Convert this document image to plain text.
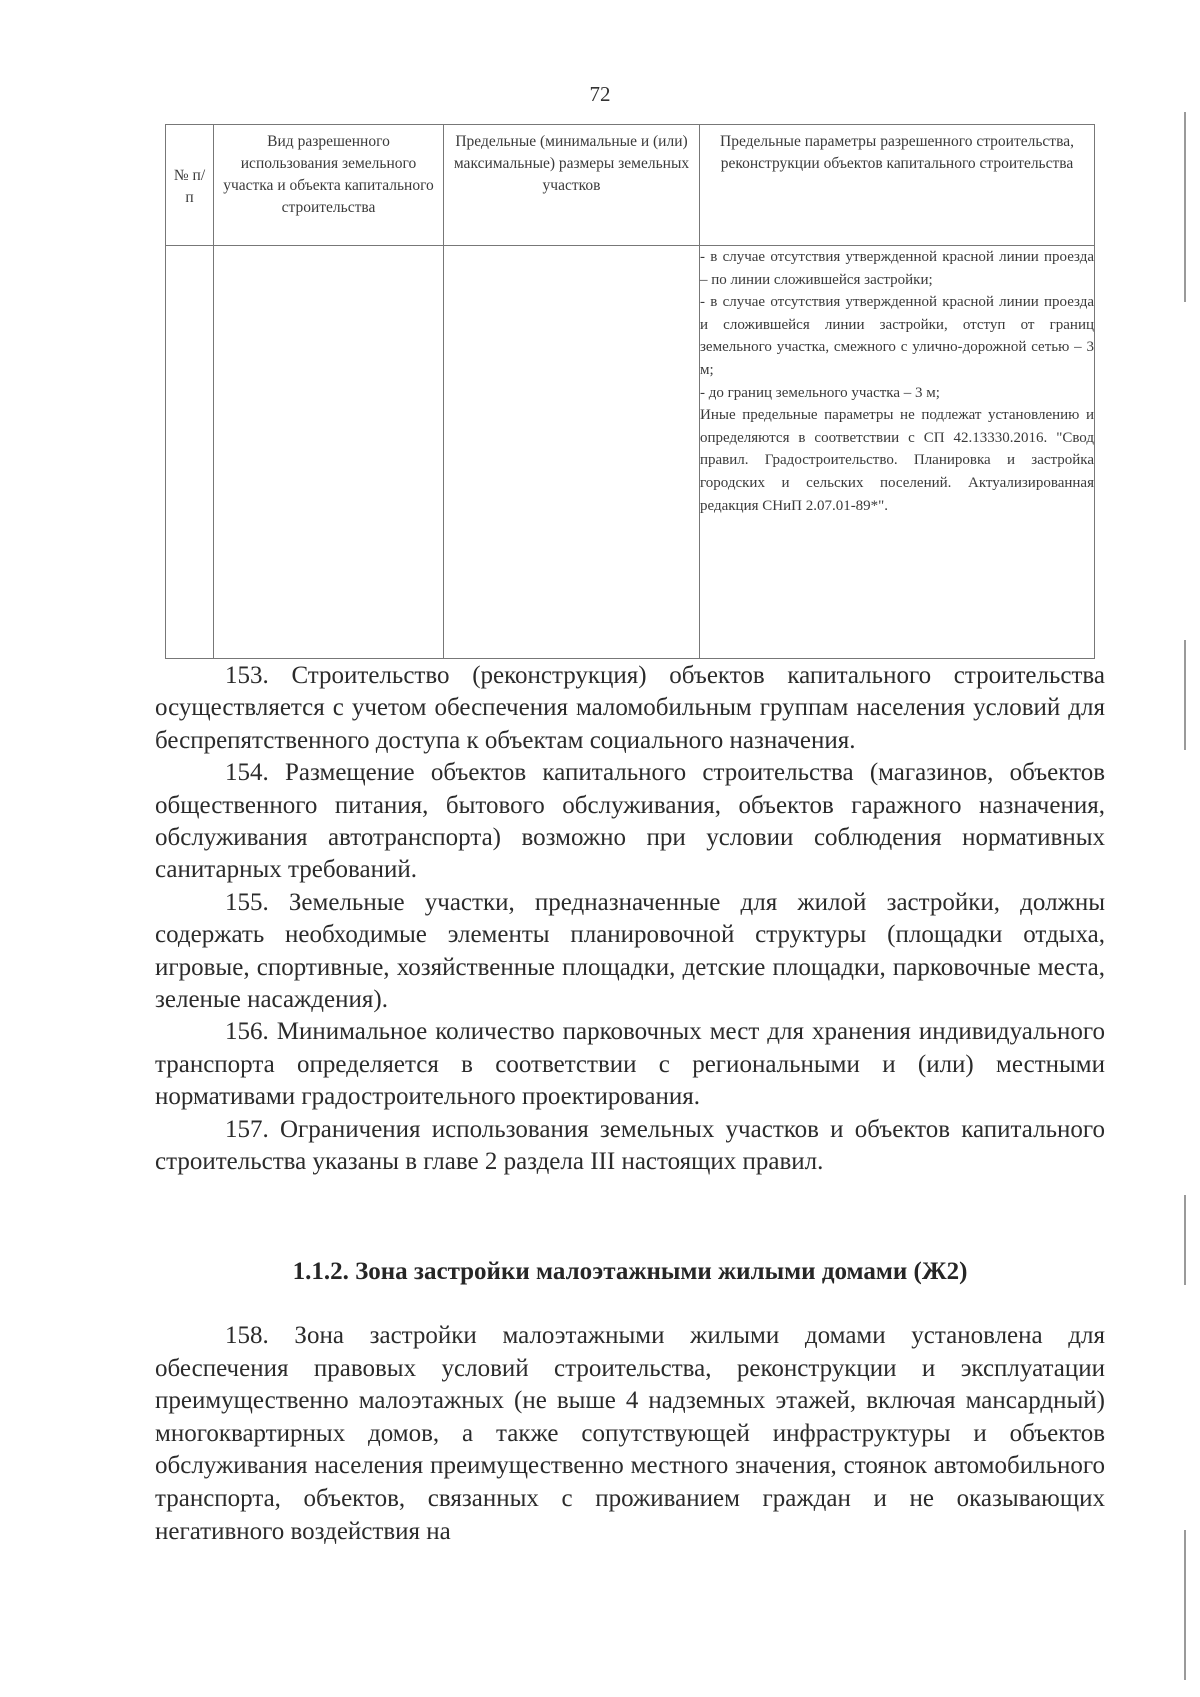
72
№ п/п	Вид разрешенного использования земельного участка и объекта капитального строительства	Предельные (минимальные и (или) максимальные) размеры земельных участков	Предельные параметры разрешенного строительства, реконструкции объектов капитального строительства

			- в случае отсутствия утвержденной красной линии проезда – по линии сложившейся застройки;

- в случае отсутствия утвержденной красной линии проезда и сложившейся линии застройки, отступ от границ земельного участка, смежного с улично-дорожной сетью – 3 м;

- до границ земельного участка – 3 м;

Иные предельные параметры не подлежат установлению и определяются в соответствии с СП 42.13330.2016. "Свод правил. Градостроительство. Планировка и застройка городских и сельских поселений. Актуализированная редакция СНиП 2.07.01-89*".

153. Строительство (реконструкция) объектов капитального строительства осуществляется с учетом обеспечения маломобильным группам населения условий для беспрепятственного доступа к объектам социального назначения.

154. Размещение объектов капитального строительства (магазинов, объектов общественного питания, бытового обслуживания, объектов гаражного назначения, обслуживания автотранспорта) возможно при условии соблюдения нормативных санитарных требований.

155. Земельные участки, предназначенные для жилой застройки, должны содержать необходимые элементы планировочной структуры (площадки отдыха, игровые, спортивные, хозяйственные площадки, детские площадки, парковочные места, зеленые насаждения).

156. Минимальное количество парковочных мест для хранения индивидуального транспорта определяется в соответствии с региональными и (или) местными нормативами градостроительного проектирования.

157. Ограничения использования земельных участков и объектов капитального строительства указаны в главе 2 раздела III настоящих правил.

1.1.2. Зона застройки малоэтажными жилыми домами (Ж2)

158. Зона застройки малоэтажными жилыми домами установлена для обеспечения правовых условий строительства, реконструкции и эксплуатации преимущественно малоэтажных (не выше 4 надземных этажей, включая мансардный) многоквартирных домов, а также сопутствующей инфраструктуры и объектов обслуживания населения преимущественно местного значения, стоянок автомобильного транспорта, объектов, связанных с проживанием граждан и не оказывающих негативного воздействия на
